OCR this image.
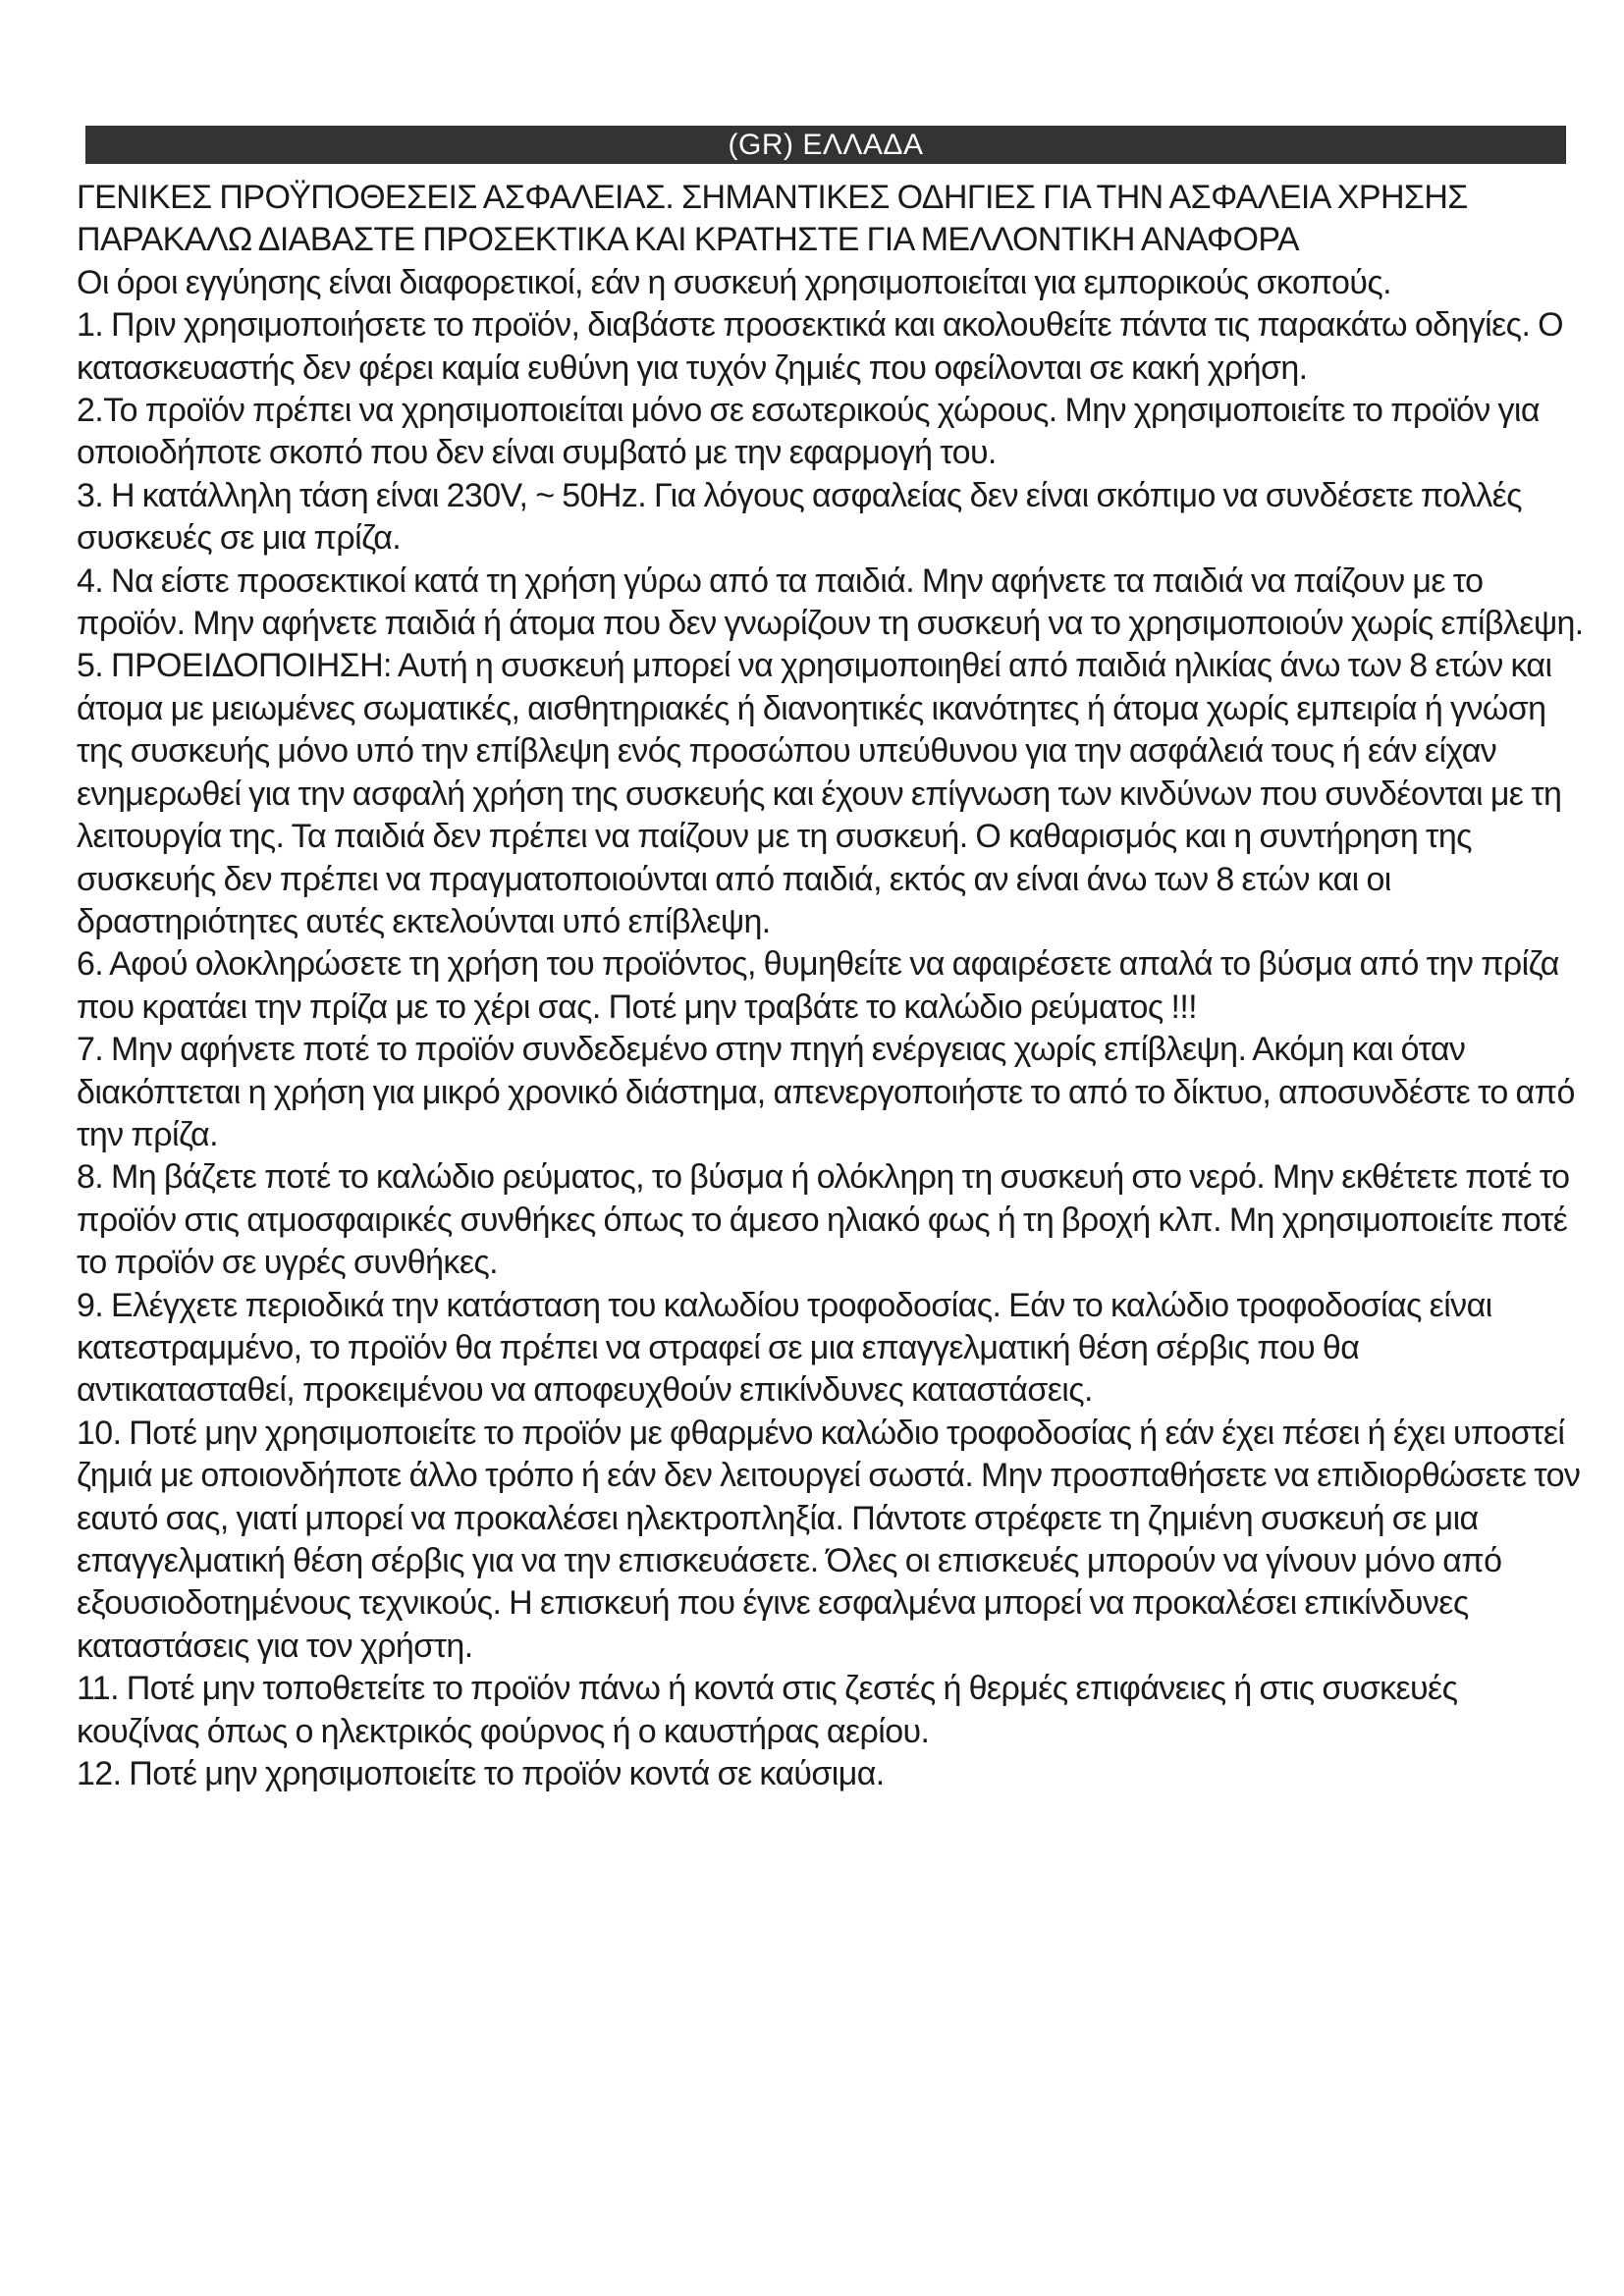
(GR) ΕΛΛΑΔΑ

ΓΕΝΙΚΕΣ ΠΡΟΫΠΟΘΕΣΕΙΣ ΑΣΦΑΛΕΙΑΣ. ΣΗΜΑΝΤΙΚΕΣ ΟΔΗΓΙΕΣ ΓΙΑ ΤΗΝ ΑΣΦΑΛΕΙΑ ΧΡΗΣΗΣ

ΠΑΡΑΚΑΛΩ ΔΙΑΒΑΣΤΕ ΠΡΟΣΕΚΤΙΚΑ ΚΑΙ ΚΡΑΤΗΣΤΕ ΓΙΑ ΜΕΛΛΟΝΤΙΚΗ ΑΝΑΦΟΡΑ

Οι όροι εγγύησης είναι διαφορετικοί, εάν η συσκευή χρησιμοποιείται για εμπορικούς σκοπούς.

1. Πριν χρησιμοποιήσετε το προϊόν, διαβάστε προσεκτικά και ακολουθείτε πάντα τις παρακάτω οδηγίες. Ο κατασκευαστής δεν φέρει καμία ευθύνη για τυχόν ζημιές που οφείλονται σε κακή χρήση.

2.Το προϊόν πρέπει να χρησιμοποιείται μόνο σε εσωτερικούς χώρους. Μην χρησιμοποιείτε το προϊόν για οποιοδήποτε σκοπό που δεν είναι συμβατό με την εφαρμογή του.

3. Η κατάλληλη τάση είναι 230V, ~ 50Hz. Για λόγους ασφαλείας δεν είναι σκόπιμο να συνδέσετε πολλές συσκευές σε μια πρίζα.

4. Να είστε προσεκτικοί κατά τη χρήση γύρω από τα παιδιά. Μην αφήνετε τα παιδιά να παίζουν με το προϊόν. Μην αφήνετε παιδιά ή άτομα που δεν γνωρίζουν τη συσκευή να το χρησιμοποιούν χωρίς επίβλεψη.

5. ΠΡΟΕΙΔΟΠΟΙΗΣΗ: Αυτή η συσκευή μπορεί να χρησιμοποιηθεί από παιδιά ηλικίας άνω των 8 ετών και άτομα με μειωμένες σωματικές, αισθητηριακές ή διανοητικές ικανότητες ή άτομα χωρίς εμπειρία ή γνώση της συσκευής μόνο υπό την επίβλεψη ενός προσώπου υπεύθυνου για την ασφάλειά τους ή εάν είχαν ενημερωθεί για την ασφαλή χρήση της συσκευής και έχουν επίγνωση των κινδύνων που συνδέονται με τη λειτουργία της. Τα παιδιά δεν πρέπει να παίζουν με τη συσκευή. Ο καθαρισμός και η συντήρηση της συσκευής δεν πρέπει να πραγματοποιούνται από παιδιά, εκτός αν είναι άνω των 8 ετών και οι δραστηριότητες αυτές εκτελούνται υπό επίβλεψη.

6. Αφού ολοκληρώσετε τη χρήση του προϊόντος, θυμηθείτε να αφαιρέσετε απαλά το βύσμα από την πρίζα που κρατάει την πρίζα με το χέρι σας. Ποτέ μην τραβάτε το καλώδιο ρεύματος !!!

7. Μην αφήνετε ποτέ το προϊόν συνδεδεμένο στην πηγή ενέργειας χωρίς επίβλεψη. Ακόμη και όταν διακόπτεται η χρήση για μικρό χρονικό διάστημα, απενεργοποιήστε το από το δίκτυο, αποσυνδέστε το από την πρίζα.

8. Μη βάζετε ποτέ το καλώδιο ρεύματος, το βύσμα ή ολόκληρη τη συσκευή στο νερό. Μην εκθέτετε ποτέ το προϊόν στις ατμοσφαιρικές συνθήκες όπως το άμεσο ηλιακό φως ή τη βροχή κλπ. Μη χρησιμοποιείτε ποτέ το προϊόν σε υγρές συνθήκες.

9. Ελέγχετε περιοδικά την κατάσταση του καλωδίου τροφοδοσίας. Εάν το καλώδιο τροφοδοσίας είναι κατεστραμμένο, το προϊόν θα πρέπει να στραφεί σε μια επαγγελματική θέση σέρβις που θα αντικατασταθεί, προκειμένου να αποφευχθούν επικίνδυνες καταστάσεις.

10. Ποτέ μην χρησιμοποιείτε το προϊόν με φθαρμένο καλώδιο τροφοδοσίας ή εάν έχει πέσει ή έχει υποστεί ζημιά με οποιονδήποτε άλλο τρόπο ή εάν δεν λειτουργεί σωστά. Μην προσπαθήσετε να επιδιορθώσετε τον εαυτό σας, γιατί μπορεί να προκαλέσει ηλεκτροπληξία. Πάντοτε στρέφετε τη ζημιένη συσκευή σε μια επαγγελματική θέση σέρβις για να την επισκευάσετε. Όλες οι επισκευές μπορούν να γίνουν μόνο από εξουσιοδοτημένους τεχνικούς. Η επισκευή που έγινε εσφαλμένα μπορεί να προκαλέσει επικίνδυνες καταστάσεις για τον χρήστη.

11. Ποτέ μην τοποθετείτε το προϊόν πάνω ή κοντά στις ζεστές ή θερμές επιφάνειες ή στις συσκευές κουζίνας όπως ο ηλεκτρικός φούρνος ή ο καυστήρας αερίου.

12. Ποτέ μην χρησιμοποιείτε το προϊόν κοντά σε καύσιμα.
